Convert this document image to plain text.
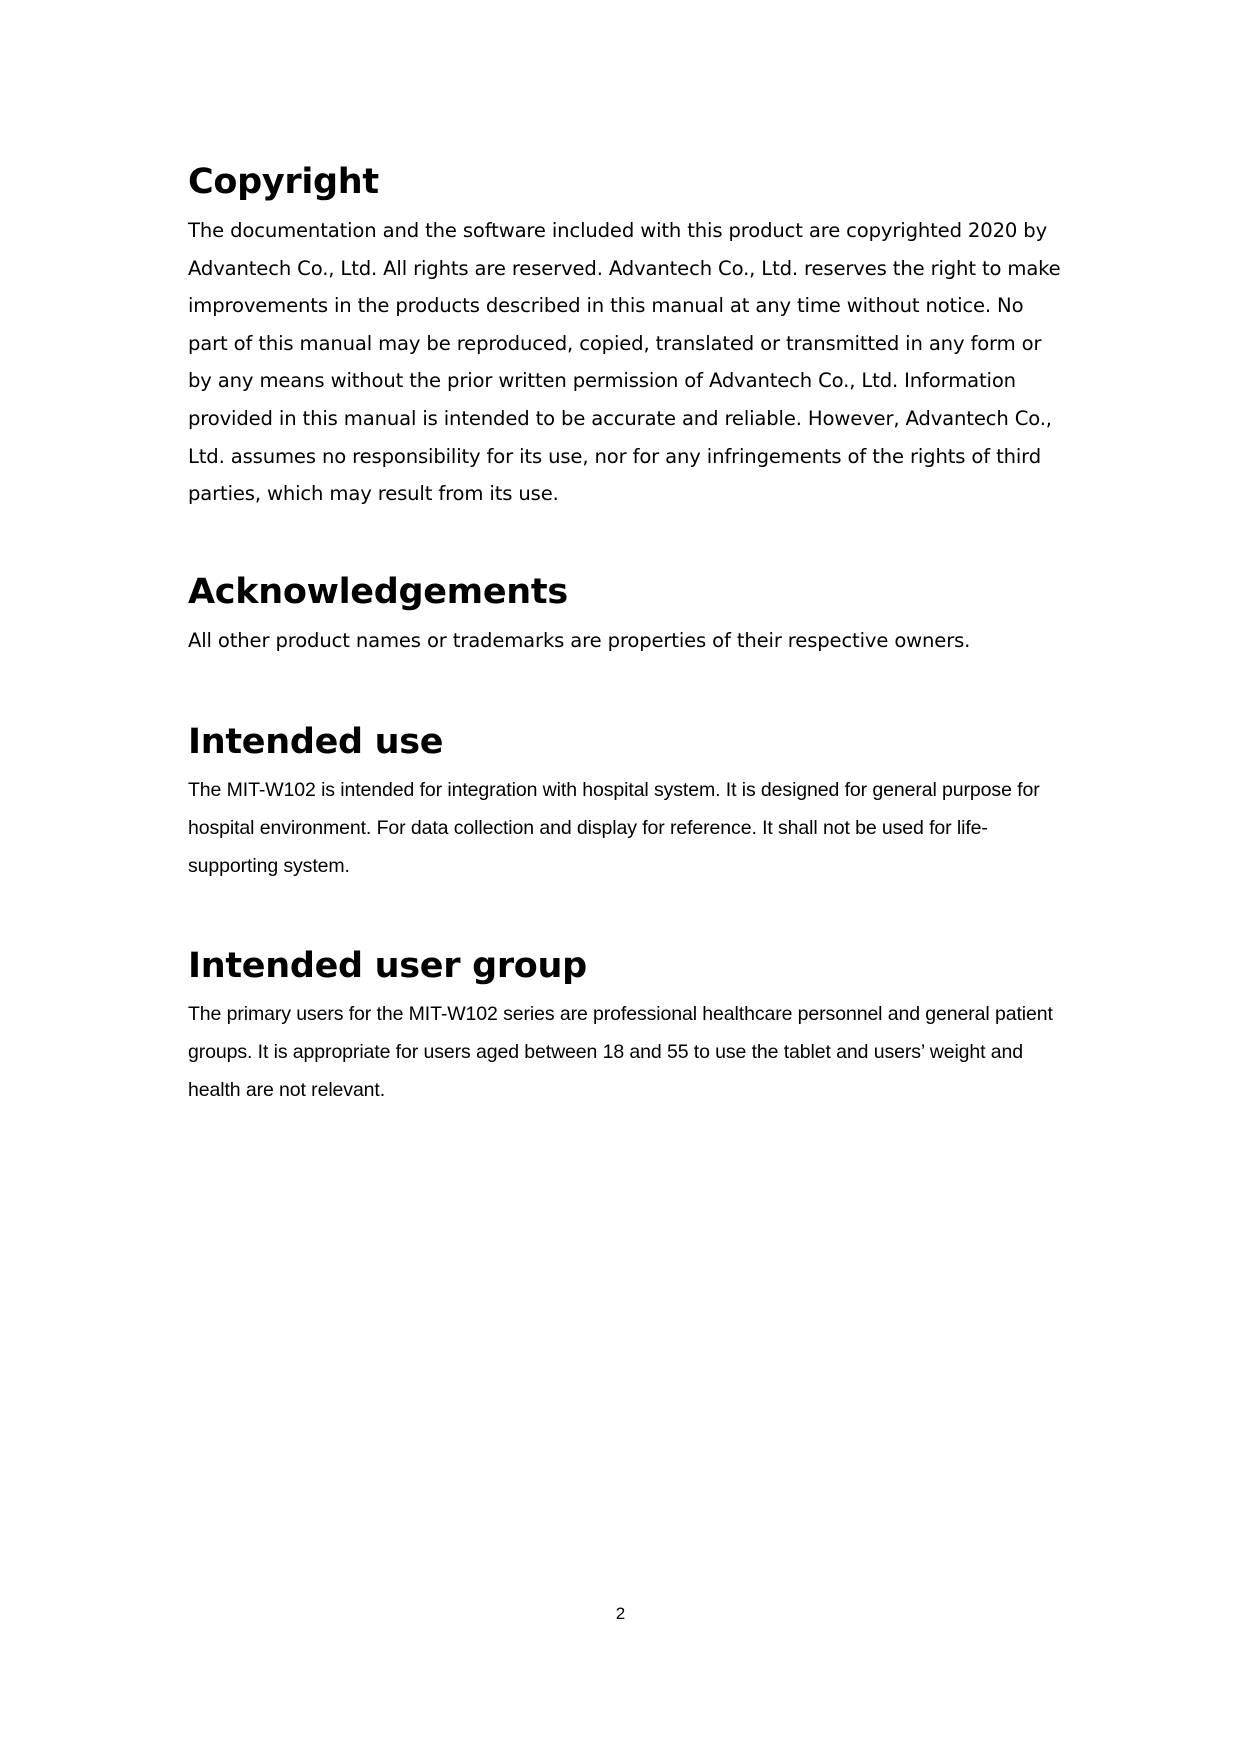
Copyright

The documentation and the software included with this product are copyrighted 2020 by Advantech Co., Ltd. All rights are reserved. Advantech Co., Ltd. reserves the right to make improvements in the products described in this manual at any time without notice. No part of this manual may be reproduced, copied, translated or transmitted in any form or by any means without the prior written permission of Advantech Co., Ltd. Information provided in this manual is intended to be accurate and reliable. However, Advantech Co., Ltd. assumes no responsibility for its use, nor for any infringements of the rights of third parties, which may result from its use.

Acknowledgements

All other product names or trademarks are properties of their respective owners.

Intended use

The MIT-W102 is intended for integration with hospital system. It is designed for general purpose for hospital environment. For data collection and display for reference. It shall not be used for life-supporting system.

Intended user group

The primary users for the MIT-W102 series are professional healthcare personnel and general patient groups. It is appropriate for users aged between 18 and 55 to use the tablet and users’ weight and health are not relevant.

2
